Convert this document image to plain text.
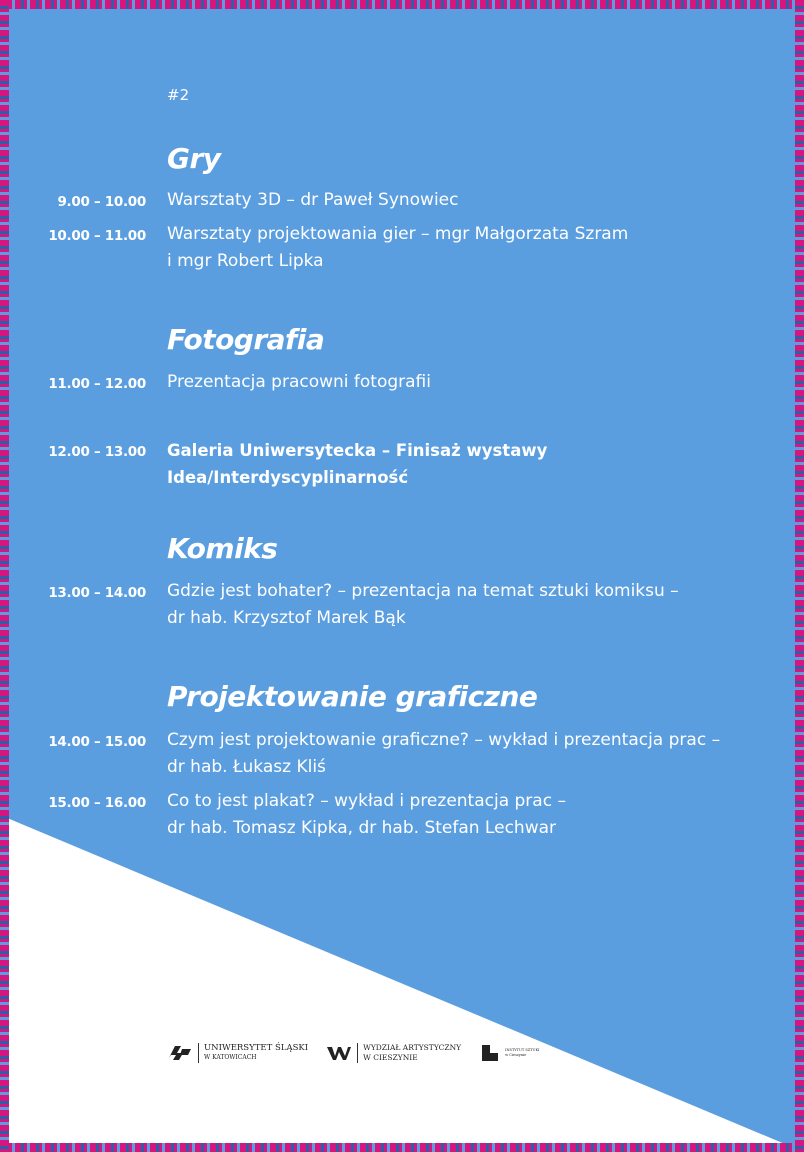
#2
Gry
9.00 – 10.00 Warsztaty 3D – dr Paweł Synowiec
10.00 – 11.00 Warsztaty projektowania gier – mgr Małgorzata Szram
i mgr Robert Lipka
Fotografia
11.00 – 12.00 Prezentacja pracowni fotografii
12.00 – 13.00 Galeria Uniwersytecka – Finisaż wystawy
Idea/Interdyscyplinarność
Komiks
13.00 – 14.00 Gdzie jest bohater? – prezentacja na temat sztuki komiksu –
dr hab. Krzysztof Marek Bąk
Projektowanie graficzne
14.00 – 15.00 Czym jest projektowanie graficzne? – wykład i prezentacja prac –
dr hab. Łukasz Kliś
15.00 – 16.00 Co to jest plakat? – wykład i prezentacja prac –
dr hab. Tomasz Kipka, dr hab. Stefan Lechwar
UNIWERSYTET ŚLĄSKI
W KATOWICACH
WYDZIAŁ ARTYSTYCZNY
W CIESZYNIE
INSTYTUT SZTUKI
w Cieszynie
